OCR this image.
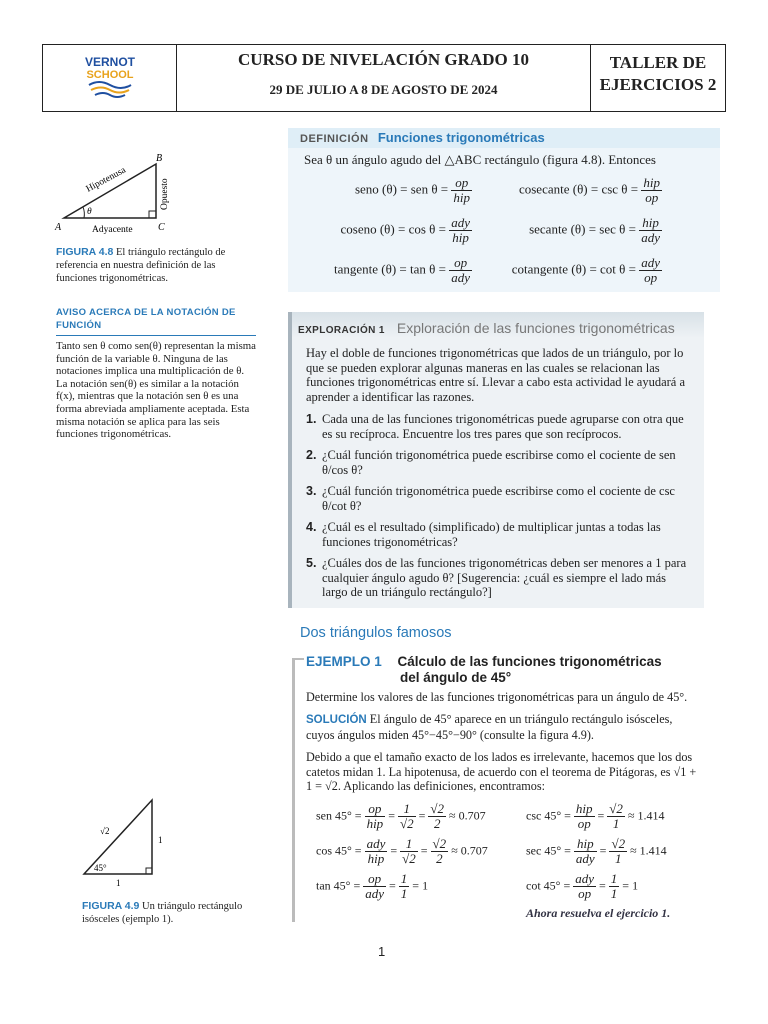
VERNOT
SCHOOL
CURSO DE NIVELACIÓN GRADO 10
29 DE JULIO A 8 DE AGOSTO DE 2024
TALLER DE
EJERCICIOS 2
A
B
C
Hipotenusa	Opuesto
Adyacente
θ
FIGURA 4.8 El triángulo rectángulo de referencia en nuestra definición de las funciones trigonométricas.
AVISO ACERCA DE LA NOTACIÓN DE FUNCIÓN
Tanto sen θ como sen(θ) representan la misma función de la variable θ. Ninguna de las notaciones implica una multiplicación de θ. La notación sen(θ) es similar a la notación f(x), mientras que la notación sen θ es una forma abreviada ampliamente aceptada. Esta misma notación se aplica para las seis funciones trigonométricas.
DEFINICIÓN Funciones trigonométricas
Sea θ un ángulo agudo del △ABC rectángulo (figura 4.8). Entonces
seno (θ) = sen $\theta = \frac{op}{\text{hip}}$	cosecante $(\theta) = \csc \theta = \frac{\text{hip}}{op}$
coseno $(\theta) = \cos \theta = \frac{\text{ady}}{\text{hip}}$	secante $(\theta) = \sec \theta = \frac{\text{hip}}{\text{ady}}$
tangente $(\theta) = \tan \theta = \frac{op}{\text{ady}}$	cotangente $(\theta) = \cot \theta = \frac{\text{ady}}{op}$
EXPLORACIÓN 1 Exploración de las funciones trigonométricas

Hay el doble de funciones trigonométricas que lados de un triángulo, por lo que se pueden explorar algunas maneras en las cuales se relacionan las funciones trigonométricas entre sí. Llevar a cabo esta actividad le ayudará a aprender a identificar las razones.

1. Cada una de las funciones trigonométricas puede agruparse con otra que es su recíproca. Encuentre los tres pares que son recíprocos.
2. ¿Cuál función trigonométrica puede escribirse como el cociente de sen θ/cos θ?
3. ¿Cuál función trigonométrica puede escribirse como el cociente de csc θ/cot θ?
4. ¿Cuál es el resultado (simplificado) de multiplicar juntas a todas las funciones trigonométricas?
5. ¿Cuáles dos de las funciones trigonométricas deben ser menores a 1 para cualquier ángulo agudo θ? [Sugerencia: ¿cuál es siempre el lado más largo de un triángulo rectángulo?]
Dos triángulos famosos
EJEMPLO 1 Cálculo de las funciones trigonométricas
del ángulo de 45°
Determine los valores de las funciones trigonométricas para un ángulo de 45°.
SOLUCIÓN El ángulo de 45° aparece en un triángulo rectángulo isósceles, cuyos ángulos miden 45°−45°−90° (consulte la figura 4.9).
Debido a que el tamaño exacto de los lados es irrelevante, hacemos que los dos catetos midan 1. La hipotenusa, de acuerdo con el teorema de Pitágoras, es √1 + 1 = √2. Aplicando las definiciones, encontramos:
sen $45^\circ = \frac{op}{\text{hip}} = \frac{1}{√2} = \frac{√2}{2} \approx 0.707$	$\csc 45^\circ = \frac{\text{hip}}{op} = \frac{√2}{1} \approx 1.414$
$\cos 45^\circ = \frac{\text{ady}}{\text{hip}} = \frac{1}{√2} = \frac{√2}{2} \approx 0.707$	$\sec 45^\circ = \frac{\text{hip}}{\text{ady}} = \frac{√2}{1} \approx 1.414$
$\tan 45^\circ = \frac{op}{\text{ady}} = \frac{1}{1} = 1$	$\cot 45^\circ = \frac{\text{ady}}{op} = \frac{1}{1} = 1$
Ahora resuelva el ejercicio 1.
√2
1
1
45°
FIGURA 4.9 Un triángulo rectángulo isósceles (ejemplo 1).
1
